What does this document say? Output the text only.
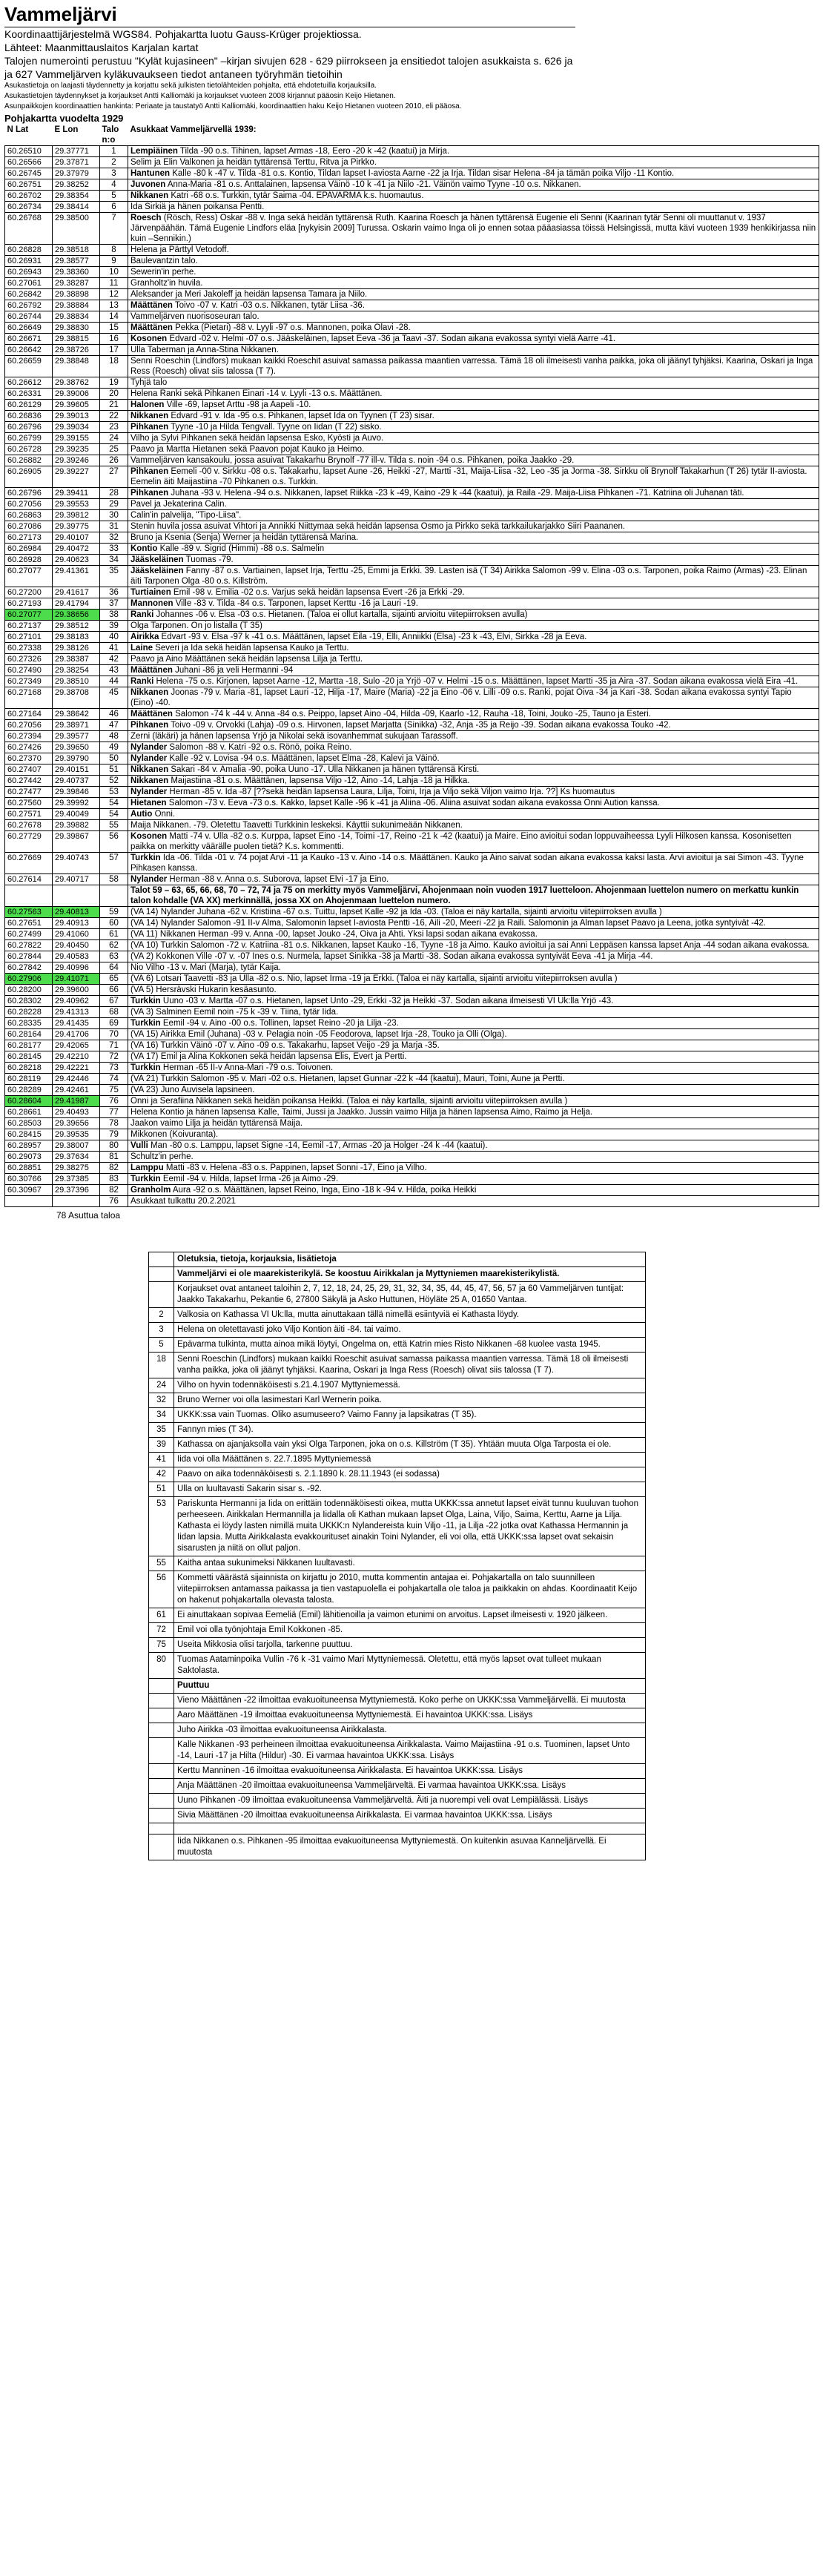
Vammeljärvi

Koordinaattijärjestelmä WGS84. Pohjakartta luotu Gauss-Krüger projektiossa.

Lähteet: Maanmittauslaitos Karjalan kartat

Talojen numerointi perustuu "Kylät kujasineen" –kirjan sivujen 628 - 629 piirrokseen ja ensitiedot talojen asukkaista s. 626 ja

ja 627 Vammeljärven kyläkuvaukseen tiedot antaneen työryhmän tietoihin

Asukastietoja on laajasti täydennetty ja korjattu sekä julkisten tietolähteiden pohjalta, että ehdotetuilla korjauksilla.

Asukastietojen täydennykset ja korjaukset Antti Kalliomäki ja korjaukset vuoteen 2008 kirjannut pääosin Keijo Hietanen.

Asunpaikkojen koordinaattien hankinta: Periaate ja taustatyö Antti Kalliomäki, koordinaattien haku Keijo Hietanen vuoteen 2010, eli pääosa.

Pohjakartta vuodelta 1929

N Lat	E Lon	Talo n:o	Asukkaat Vammeljärvellä 1939:
60.26510	29.37771	1	Lempiäinen Tilda -90 o.s. Tihinen, lapset Armas -18, Eero -20 k -42 (kaatui) ja Mirja.
60.26566	29.37871	2	Selim ja Elin Valkonen ja heidän tyttärensä Terttu, Ritva ja Pirkko.
60.26745	29.37979	3	Hantunen Kalle -80 k -47 v. Tilda -81 o.s. Kontio, Tildan lapset I-aviosta Aarne -22 ja Irja. Tildan sisar Helena -84 ja tämän poika Viljo -11 Kontio.
60.26751	29.38252	4	Juvonen Anna-Maria -81 o.s. Anttalainen, lapsensa Väinö -10 k -41 ja Niilo -21. Väinön vaimo Tyyne -10 o.s. Nikkanen.
60.26702	29.38354	5	Nikkanen Katri -68 o.s. Turkkin, tytär Saima -04. EPAVARMA k.s. huomautus.
60.26734	29.38414	6	Ida Sirkiä ja hänen poikansa Pentti.
60.26768	29.38500	7	Roesch (Rösch, Ress) Oskar -88 v. Inga sekä heidän tyttärensä Ruth. Kaarina Roesch ja hänen tyttärensä Eugenie eli Senni (Kaarinan tytär Senni oli muuttanut v. 1937 Järvenpäähän. Tämä Eugenie Lindfors eläa [nykyisin 2009] Turussa. Oskarin vaimo Inga oli jo ennen sotaa pääasiassa töissä Helsingissä, mutta kävi vuoteen 1939 henkikirjassa niin kuin –Sennikin.)
60.26828	29.38518	8	Helena ja Pärttyl Vetodoff.
60.26931	29.38577	9	Baulevantzin talo.
60.26943	29.38360	10	Sewerin'in perhe.
60.27061	29.38287	11	Granholtz'in huvila.
60.26842	29.38898	12	Aleksander ja Meri Jakoleff ja heidän lapsensa Tamara ja Niilo.
60.26792	29.38884	13	Määttänen Toivo -07 v. Katri -03 o.s. Nikkanen, tytär Liisa -36.
60.26744	29.38834	14	Vammeljärven nuorisoseuran talo.
60.26649	29.38830	15	Määttänen Pekka (Pietari) -88 v. Lyyli -97 o.s. Mannonen, poika Olavi -28.
60.26671	29.38815	16	Kosonen Edvard -02 v. Helmi -07 o.s. Jääskeläinen, lapset Eeva -36 ja Taavi -37. Sodan aikana evakossa syntyi vielä Aarre -41.
60.26642	29.38726	17	Ulla Taberman ja Anna-Stina Nikkanen.
60.26659	29.38848	18	Senni Roeschin (Lindfors) mukaan kaikki Roeschit asuivat samassa paikassa maantien varressa. Tämä 18 oli ilmeisesti vanha paikka, joka oli jäänyt tyhjäksi. Kaarina, Oskari ja Inga Ress (Roesch) olivat siis talossa (T 7).
60.26612	29.38762	19	Tyhjä talo
60.26331	29.39006	20	Helena Ranki sekä Pihkanen Einari -14 v. Lyyli -13 o.s. Määttänen.
60.26129	29.39605	21	Halonen Ville -69, lapset Arttu -98 ja Aapeli -10.
60.26836	29.39013	22	Nikkanen Edvard -91 v. Ida -95 o.s. Pihkanen, lapset Ida on Tyynen (T 23) sisar.
60.26796	29.39034	23	Pihkanen Tyyne -10 ja Hilda Tengvall. Tyyne on Iidan (T 22) sisko.
60.26799	29.39155	24	Vilho ja Sylvi Pihkanen sekä heidän lapsensa Esko, Kyösti ja Auvo.
60.26728	29.39235	25	Paavo ja Martta Hietanen sekä Paavon pojat Kauko ja Heimo.
60.26882	29.39246	26	Vammeljärven kansakoulu, jossa asuivat Takakarhu Brynolf -77 ill-v. Tilda s. noin -94 o.s. Pihkanen, poika Jaakko -29.
60.26905	29.39227	27	Pihkanen Eemeli -00 v. Sirkku -08 o.s. Takakarhu, lapset Aune -26, Heikki -27, Martti -31, Maija-Liisa -32, Leo -35 ja Jorma -38. Sirkku oli Brynolf Takakarhun (T 26) tytär II-aviosta. Eemelin äiti Maijastiina -70 Pihkanen o.s. Turkkin.
60.26796	29.39411	28	Pihkanen Juhana -93 v. Helena -94 o.s. Nikkanen, lapset Riikka -23 k -49, Kaino -29 k -44 (kaatui), ja Raila -29. Maija-Liisa Pihkanen -71. Katriina oli Juhanan täti.
60.27056	29.39553	29	Pavel ja Jekaterina Calin.
60.26863	29.39812	30	Calin'in palvelija, "Tipo-Liisa".
60.27086	29.39775	31	Stenin huvila jossa asuivat Vihtori ja Annikki Niittymaa sekä heidän lapsensa Osmo ja Pirkko sekä tarkkailukarjakko Siiri Paananen.
60.27173	29.40107	32	Bruno ja Ksenia (Senja) Werner ja heidän tyttärensä Marina.
60.26984	29.40472	33	Kontio Kalle -89 v. Sigrid (Himmi) -88 o.s. Salmelin
60.26928	29.40623	34	Jääskeläinen Tuomas -79.
60.27077	29.41361	35	Jääskeläinen Fanny -87 o.s. Vartiainen, lapset Irja, Terttu -25, Emmi ja Erkki. 39. Lasten isä (T 34) Airikka Salomon -99 v. Elina -03 o.s. Tarponen, poika Raimo (Armas) -23. Elinan äiti Tarponen Olga -80 o.s. Killström.
60.27200	29.41617	36	Turtiainen Emil -98 v. Emilia -02 o.s. Varjus sekä heidän lapsensa Evert -26 ja Erkki -29.
60.27193	29.41794	37	Mannonen Ville -83 v. Tilda -84 o.s. Tarponen, lapset Kerttu -16 ja Lauri -19.
60.27077	29.38656	38	Ranki Johannes -06 v. Elsa -03 o.s. Hietanen. (Taloa ei ollut kartalla, sijainti arvioitu viitepiirroksen avulla)
60.27137	29.38512	39	Olga Tarponen. On jo listalla (T 35)
60.27101	29.38183	40	Airikka Edvart -93 v. Elsa -97 k -41 o.s. Määttänen, lapset Eila -19, Elli, Anniikki (Elsa) -23 k -43, Elvi, Sirkka -28 ja Eeva.
60.27338	29.38126	41	Laine Severi ja Ida sekä heidän lapsensa Kauko ja Terttu.
60.27326	29.38387	42	Paavo ja Aino Määttänen sekä heidän lapsensa Lilja ja Terttu.
60.27490	29.38254	43	Määttänen Juhani -86 ja veli Hermanni -94
60.27349	29.38510	44	Ranki Helena -75 o.s. Kirjonen, lapset Aarne -12, Martta -18, Sulo -20 ja Yrjö -07 v. Helmi -15 o.s. Määttänen, lapset Martti -35 ja Aira -37. Sodan aikana evakossa vielä Eira -41.
60.27168	29.38708	45	Nikkanen Joonas -79 v. Maria -81, lapset Lauri -12, Hilja -17, Maire (Maria) -22 ja Eino -06 v. Lilli -09 o.s. Ranki, pojat Oiva -34 ja Kari -38. Sodan aikana evakossa syntyi Tapio (Eino) -40.
60.27164	29.38642	46	Määttänen Salomon -74 k -44 v. Anna -84 o.s. Peippo, lapset Aino -04, Hilda -09, Kaarlo -12, Rauha -18, Toini, Jouko -25, Tauno ja Esteri.
60.27056	29.38971	47	Pihkanen Toivo -09 v. Orvokki (Lahja) -09 o.s. Hirvonen, lapset Marjatta (Sinikka) -32, Anja -35 ja Reijo -39. Sodan aikana evakossa Touko -42.
60.27394	29.39577	48	Zerni (läkäri) ja hänen lapsensa Yrjö ja Nikolai sekä isovanhemmat sukujaan Tarassoff.
60.27426	29.39650	49	Nylander Salomon -88 v. Katri -92 o.s. Rönö, poika Reino.
60.27370	29.39790	50	Nylander Kalle -92 v. Lovisa -94 o.s. Määttänen, lapset Elma -28, Kalevi ja Väinö.
60.27407	29.40151	51	Nikkanen Sakari -84 v. Amalia -90, poika Uuno -17. Ulla Nikkanen ja hänen tyttärensä Kirsti.
60.27442	29.40737	52	Nikkanen Maijastiina -81 o.s. Määttänen, lapsensa Viljo -12, Aino -14, Lahja -18 ja Hilkka.
60.27477	29.39846	53	Nylander Herman -85 v. Ida -87 [??sekä heidän lapsensa Laura, Lilja, Toini, Irja ja Viljo sekä Viljon vaimo Irja. ??] Ks huomautus
60.27560	29.39992	54	Hietanen Salomon -73 v. Eeva -73 o.s. Kakko, lapset Kalle -96 k -41 ja Aliina -06. Aliina asuivat sodan aikana evakossa Onni Aution kanssa.
60.27571	29.40049	54	Autio Onni.
60.27678	29.39882	55	Maija Nikkanen. -79. Oletettu Taavetti Turkkinin leskeksi. Käyttii sukunimeään Nikkanen.
60.27729	29.39867	56	Kosonen Matti -74 v. Ulla -82 o.s. Kurppa, lapset Eino -14, Toimi -17, Reino -21 k -42 (kaatui) ja Maire. Eino avioitui sodan loppuvaiheessa Lyyli Hilkosen kanssa. Kosonisetten paikka on merkitty väärälle puolen tietä? K.s. kommentti.
60.27669	29.40743	57	Turkkin Ida -06. Tilda -01 v. 74 pojat Arvi -11 ja Kauko -13 v. Aino -14 o.s. Määttänen. Kauko ja Aino saivat sodan aikana evakossa kaksi lasta. Arvi avioitui ja sai Simon -43. Tyyne Pihkasen kanssa.
60.27614	29.40717	58	Nylander Herman -88 v. Anna o.s. Suborova, lapset Elvi -17 ja Eino.
			Talot 59 – 63, 65, 66, 68, 70 – 72, 74 ja 75 on merkitty myös Vammeljärvi, Ahojenmaan noin vuoden 1917 luetteloon. Ahojenmaan luettelon numero on merkattu kunkin talon kohdalle (VA XX) merkinnällä, jossa XX on Ahojenmaan luettelon numero.
60.27563	29.40813	59	(VA 14) Nylander Juhana -62 v. Kristiina -67 o.s. Tuittu, lapset Kalle -92 ja Ida -03. (Taloa ei näy kartalla, sijainti arvioitu viitepiirroksen avulla )
60.27651	29.40913	60	(VA 14) Nylander Salomon -91 II-v Alma, Salomonin lapset I-aviosta Pentti -16, Aili -20, Meeri -22 ja Raili. Salomonin ja Alman lapset Paavo ja Leena, jotka syntyivät -42.
60.27499	29.41060	61	(VA 11) Nikkanen Herman -99 v. Anna -00, lapset Jouko -24, Oiva ja Ahti. Yksi lapsi sodan aikana evakossa.
60.27822	29.40450	62	(VA 10) Turkkin Salomon -72 v. Katriina -81 o.s. Nikkanen, lapset Kauko -16, Tyyne -18 ja Aimo. Kauko avioitui ja sai Anni Leppäsen kanssa lapset Anja -44 sodan aikana evakossa.
60.27844	29.40583	63	(VA 2) Kokkonen Ville -07 v. -07 Ines o.s. Nurmela, lapset Sinikka -38 ja Martti -38. Sodan aikana evakossa syntyivät Eeva -41 ja Mirja -44.
60.27842	29.40996	64	Nio Vilho -13 v. Mari (Marja), tytär Kaija.
60.27906	29.41071	65	(VA 6) Lotsari Taavetti -83 ja Ulla -82 o.s. Nio, lapset Irma -19 ja Erkki. (Taloa ei näy kartalla, sijainti arvioitu viitepiirroksen avulla )
60.28200	29.39600	66	(VA 5) Hersrävski Hukarin kesäasunto.
60.28302	29.40962	67	Turkkin Uuno -03 v. Martta -07 o.s. Hietanen, lapset Unto -29, Erkki -32 ja Heikki -37. Sodan aikana ilmeisesti VI Uk:lla Yrjö -43.
60.28228	29.41313	68	(VA 3) Salminen Eemil noin -75 k -39 v. Tiina, tytär Iida.
60.28335	29.41435	69	Turkkin Eemil -94 v. Aino -00 o.s. Tollinen, lapset Reino -20 ja Lilja -23.
60.28164	29.41706	70	(VA 15) Airikka Emil (Juhana) -03 v. Pelagia noin -05 Feodorova, lapset Irja -28, Touko ja Olli (Olga).
60.28177	29.42065	71	(VA 16) Turkkin Väinö -07 v. Aino -09 o.s. Takakarhu, lapset Veijo -29 ja Marja -35.
60.28145	29.42210	72	(VA 17) Emil ja Alina Kokkonen sekä heidän lapsensa Elis, Evert ja Pertti.
60.28218	29.42221	73	Turkkin Herman -65 II-v Anna-Mari -79 o.s. Toivonen.
60.28119	29.42446	74	(VA 21) Turkkin Salomon -95 v. Mari -02 o.s. Hietanen, lapset Gunnar -22 k -44 (kaatui), Mauri, Toini, Aune ja Pertti.
60.28289	29.42461	75	(VA 23) Juno Auvisela lapsineen.
60.28604	29.41987	76	Onni ja Serafiina Nikkanen sekä heidän poikansa Heikki. (Taloa ei näy kartalla, sijainti arvioitu viitepiirroksen avulla )
60.28661	29.40493	77	Helena Kontio ja hänen lapsensa Kalle, Taimi, Jussi ja Jaakko. Jussin vaimo Hilja ja hänen lapsensa Aimo, Raimo ja Helja.
60.28503	29.39656	78	Jaakon vaimo Lilja ja heidän tyttärensä Maija.
60.28415	29.39535	79	Mikkonen (Koivuranta).
60.28957	29.38007	80	Vulli Man -80 o.s. Lamppu, lapset Signe -14, Eemil -17, Armas -20 ja Holger -24 k -44 (kaatui).
60.29073	29.37634	81	Schultz'in perhe.
60.28851	29.38275	82	Lamppu Matti -83 v. Helena -83 o.s. Pappinen, lapset Sonni -17, Eino ja Vilho.
60.30766	29.37385	83	Turkkin Eemil -94 v. Hilda, lapset Irma -26 ja Aimo -29.
60.30967	29.37396	82	Granholm Aura -92 o.s. Määttänen, lapset Reino, Inga, Eino -18 k -94 v. Hilda, poika Heikki
		76	Asukkaat tulkattu 20.2.2021

78 Asuttua taloa

	Oletuksia, tietoja, korjauksia, lisätietoja
	Vammeljärvi ei ole maarekisterikylä. Se koostuu Airikkalan ja Myttyniemen maarekisterikylistä.
	Korjaukset ovat antaneet taloihin 2, 7, 12, 18, 24, 25, 29, 31, 32, 34, 35, 44, 45, 47, 56, 57 ja 60 Vammeljärven tuntijat: Jaakko Takakarhu, Pekantie 6, 27800 Säkylä ja Asko Huttunen, Höyläte 25 A, 01650 Vantaa.
2	Valkosia on Kathassa VI Uk:lla, mutta ainuttakaan tällä nimellä esiintyviä ei Kathasta löydy.
3	Helena on oletettavasti joko Viljo Kontion äiti -84. tai vaimo.
5	Epävarma tulkinta, mutta ainoa mikä löytyi, Ongelma on, että Katrin mies Risto Nikkanen -68 kuolee vasta 1945.
18	Senni Roeschin (Lindfors) mukaan kaikki Roeschit asuivat samassa paikassa maantien varressa. Tämä 18 oli ilmeisesti vanha paikka, joka oli jäänyt tyhjäksi. Kaarina, Oskari ja Inga Ress (Roesch) olivat siis talossa (T 7).
24	Vilho on hyvin todennäköisesti s.21.4.1907 Myttyniemessä.
32	Bruno Werner voi olla lasimestari Karl Wernerin poika.
34	UKKK:ssa vain Tuomas. Oliko asumuseero? Vaimo Fanny ja lapsikatras (T 35).
35	Fannyn mies (T 34).
39	Kathassa on ajanjaksolla vain yksi Olga Tarponen, joka on o.s. Killström (T 35). Yhtään muuta Olga Tarposta ei ole.
41	Iida voi olla Määttänen s. 22.7.1895 Myttyniemessä
42	Paavo on aika todennäköisesti s. 2.1.1890 k. 28.11.1943 (ei sodassa)
51	Ulla on luultavasti Sakarin sisar s. -92.
53	Pariskunta Hermanni ja Iida on erittäin todennäköisesti oikea, mutta UKKK:ssa annetut lapset eivät tunnu kuuluvan tuohon perheeseen. Airikkalan Hermannilla ja Iidalla oli Kathan mukaan lapset Olga, Laina, Viljo, Saima, Kerttu, Aarne ja Lilja. Kathasta ei löydy lasten nimillä muita UKKK:n Nylandereista kuin Viljo -11, ja Lilja -22 jotka ovat Kathassa Hermannin ja Iidan lapsia. Mutta Airikkalasta evakkourituset ainakin Toini Nylander, eli voi olla, että UKKK:ssa lapset ovat sekaisin sisarusten ja niitä on ollut paljon.
55	Kaitha antaa sukunimeksi Nikkanen luultavasti.
56	Kommetti väärästä sijainnista on kirjattu jo 2010, mutta kommentin antajaa ei. Pohjakartalla on talo suunnilleen viitepiirroksen antamassa paikassa ja tien vastapuolella ei pohjakartalla ole taloa ja paikkakin on ahdas. Koordinaatit Keijo on hakenut pohjakartalla olevasta talosta.
61	Ei ainuttakaan sopivaa Eemeliä (Emil) lähitienoilla ja vaimon etunimi on arvoitus. Lapset ilmeisesti v. 1920 jälkeen.
72	Emil voi olla työnjohtaja Emil Kokkonen -85.
75	Useita Mikkosia olisi tarjolla, tarkenne puuttuu.
80	Tuomas Aataminpoika Vullin -76 k -31 vaimo Mari Myttyniemessä. Oletettu, että myös lapset ovat tulleet mukaan Saktolasta.
	Puuttuu
	Vieno Määttänen -22 ilmoittaa evakuoituneensa Myttyniemestä. Koko perhe on UKKK:ssa Vammeljärvellä. Ei muutosta
	Aaro Määttänen -19 ilmoittaa evakuoituneensa Myttyniemestä. Ei havaintoa UKKK:ssa. Lisäys
	Juho Airikka -03 ilmoittaa evakuoituneensa Airikkalasta.
	Kalle Nikkanen -93 perheineen ilmoittaa evakuoituneensa Airikkalasta. Vaimo Maijastiina -91 o.s. Tuominen, lapset Unto -14, Lauri -17 ja Hilta (Hildur) -30. Ei varmaa havaintoa UKKK:ssa. Lisäys
	Kerttu Manninen -16 ilmoittaa evakuoituneensa Airikkalasta. Ei havaintoa UKKK:ssa. Lisäys
	Anja Määttänen -20 ilmoittaa evakuoituneensa Vammeljärveltä. Ei varmaa havaintoa UKKK:ssa. Lisäys
	Uuno Pihkanen -09 ilmoittaa evakuoituneensa Vammeljärveltä. Äiti ja nuorempi veli ovat Lempiälässä. Lisäys
	Sivia Määttänen -20 ilmoittaa evakuoituneensa Airikkalasta. Ei varmaa havaintoa UKKK:ssa. Lisäys

	Iida Nikkanen o.s. Pihkanen -95 ilmoittaa evakuoituneensa Myttyniemestä. On kuitenkin asuvaa Kanneljärvellä. Ei muutosta
